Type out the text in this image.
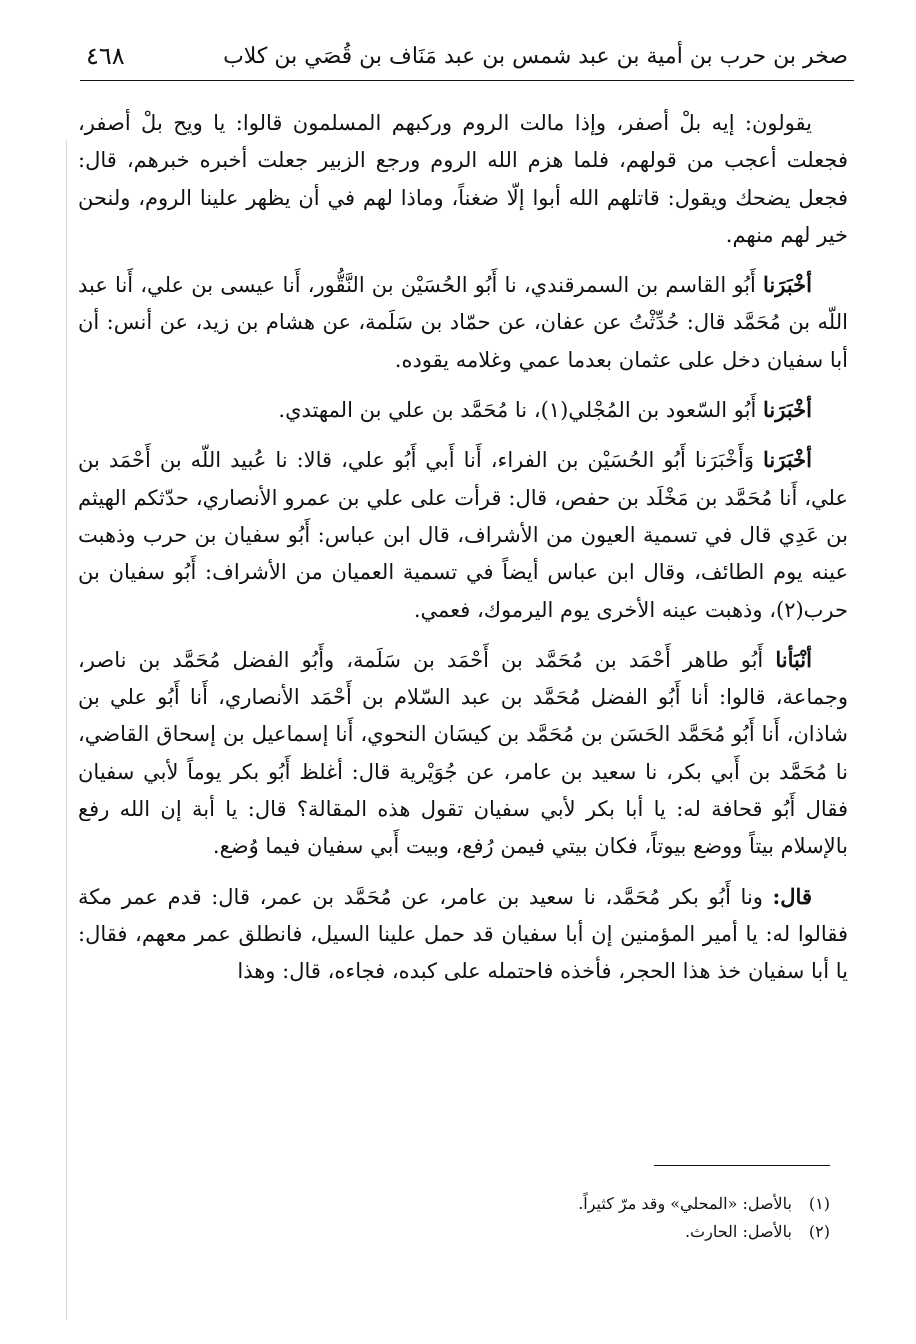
صخر بن حرب بن أمية بن عبد شمس بن عبد مَنَاف بن قُصَي بن كلاب
٤٦٨

يقولون: إيه بلْ أصفر، وإذا مالت الروم وركبهم المسلمون قالوا: يا ويح بلْ أصفر، فجعلت أعجب من قولهم، فلما هزم الله الروم ورجع الزبير جعلت أخبره خبرهم، قال: فجعل يضحك ويقول: قاتلهم الله أبوا إلّا ضغناً، وماذا لهم في أن يظهر علينا الروم، ولنحن خير لهم منهم.

أخْبَرَنا أَبُو القاسم بن السمرقندي، نا أَبُو الحُسَيْن بن النَّقُّور، أَنا عيسى بن علي، أَنا عبد اللّه بن مُحَمَّد قال: حُدِّثْتُ عن عفان، عن حمّاد بن سَلَمة، عن هشام بن زيد، عن أنس: أن أبا سفيان دخل على عثمان بعدما عمي وغلامه يقوده.

أخْبَرَنا أَبُو السّعود بن المُجْلي(١)، نا مُحَمَّد بن علي بن المهتدي.

أخْبَرَنا وَأَخْبَرَنا أَبُو الحُسَيْن بن الفراء، أَنا أَبي أَبُو علي، قالا: نا عُبيد اللّه بن أَحْمَد بن علي، أَنا مُحَمَّد بن مَخْلَد بن حفص، قال: قرأت على علي بن عمرو الأنصاري، حدّثكم الهيثم بن عَدِي قال في تسمية العيون من الأشراف، قال ابن عباس: أَبُو سفيان بن حرب وذهبت عينه يوم الطائف، وقال ابن عباس أيضاً في تسمية العميان من الأشراف: أَبُو سفيان بن حرب(٢)، وذهبت عينه الأخرى يوم اليرموك، فعمي.

أنْبَأنا أَبُو طاهر أَحْمَد بن مُحَمَّد بن أَحْمَد بن سَلَمة، وأَبُو الفضل مُحَمَّد بن ناصر، وجماعة، قالوا: أنا أَبُو الفضل مُحَمَّد بن عبد السّلام بن أَحْمَد الأنصاري، أَنا أَبُو علي بن شاذان، أَنا أَبُو مُحَمَّد الحَسَن بن مُحَمَّد بن كيسَان النحوي، أَنا إسماعيل بن إسحاق القاضي، نا مُحَمَّد بن أَبي بكر، نا سعيد بن عامر، عن جُوَيْرية قال: أغلظ أَبُو بكر يوماً لأبي سفيان فقال أَبُو قحافة له: يا أبا بكر لأبي سفيان تقول هذه المقالة؟ قال: يا أبة إن الله رفع بالإسلام بيتاً ووضع بيوتاً، فكان بيتي فيمن رُفع، وبيت أَبي سفيان فيما وُضع.

قال: ونا أَبُو بكر مُحَمَّد، نا سعيد بن عامر، عن مُحَمَّد بن عمر، قال: قدم عمر مكة فقالوا له: يا أمير المؤمنين إن أبا سفيان قد حمل علينا السيل، فانطلق عمر معهم، فقال: يا أبا سفيان خذ هذا الحجر، فأخذه فاحتمله على كبده، فجاءه، قال: وهذا

(١)
بالأصل: «المحلي» وقد مرّ كثيراً.
(٢)
بالأصل: الحارث.
